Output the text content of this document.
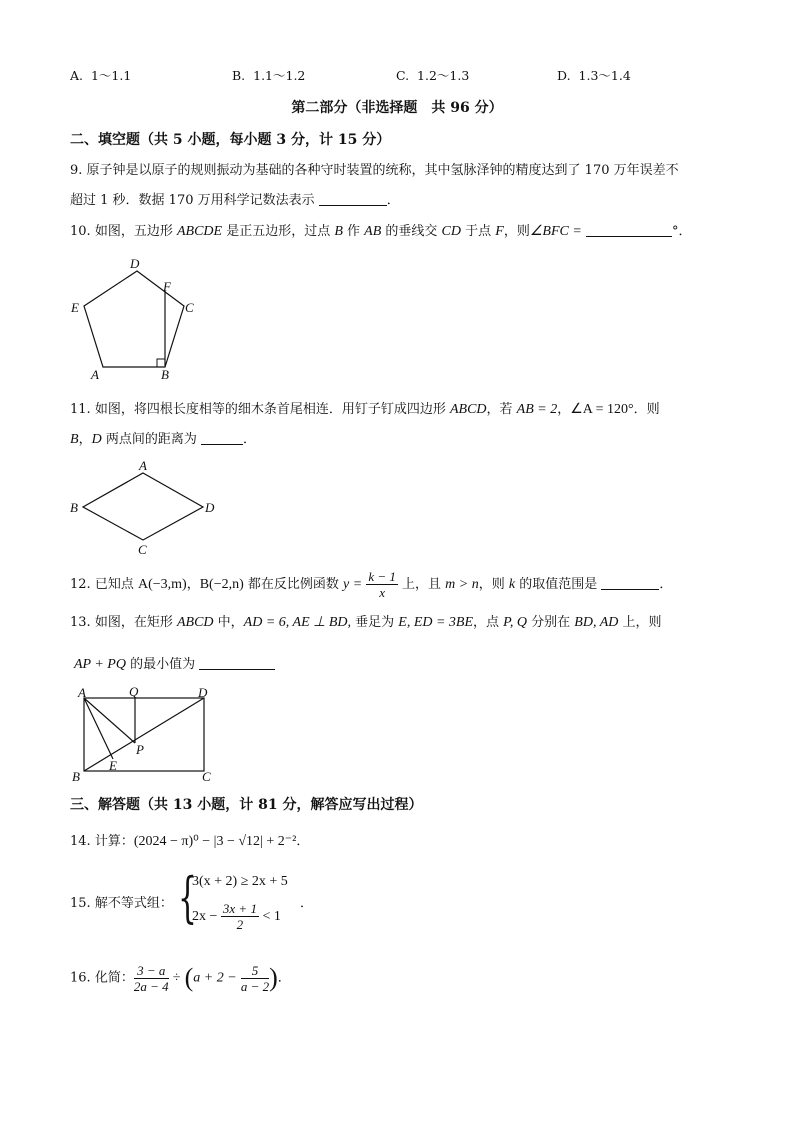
A. 1～1.1	B. 1.1～1.2	C. 1.2～1.3	D. 1.3～1.4
第二部分（非选择题　共 96 分）
二、填空题（共 5 小题，每小题 3 分，计 15 分）
9. 原子钟是以原子的规则振动为基础的各种守时装置的统称，其中氢脉泽钟的精度达到了 170 万年误差不
超过 1 秒．数据 170 万用科学记数法表示	．
10. 如图，五边形 ABCDE 是正五边形，过点 B 作 AB 的垂线交 CD 于点 F，则∠BFC =	°．
D
F
C
E
A	B
11. 如图，将四根长度相等的细木条首尾相连．用钉子钉成四边形 ABCD，若 AB = 2，∠A = 120°．则
B，D 两点间的距离为	．
A
B	D
C
12. 已知点 A(−3,m)，B(−2,n) 都在反比例函数 $y = \frac{k - 1}{x}$ 上，且 m > n，则 k 的取值范围是	．
13. 如图，在矩形 ABCD 中，AD = 6, AE ⊥ BD, 垂足为 E, ED = 3BE，点 P, Q 分别在 BD, AD 上，则
AP + PQ 的最小值为
A	Q	D
P
E
B	C
三、解答题（共 13 小题，计 81 分，解答应写出过程）
14. 计算：(2024 − π)⁰ − |3 − √12| + 2⁻²．
15. 解不等式组： {
3(x + 2) ≥ 2x + 5
$2x - \frac{3x + 1}{2} < 1$
．
16. 化简： $\frac{3 - a}{2a - 4} \div (a + 2 - \frac{5}{a - 2}$ )．
